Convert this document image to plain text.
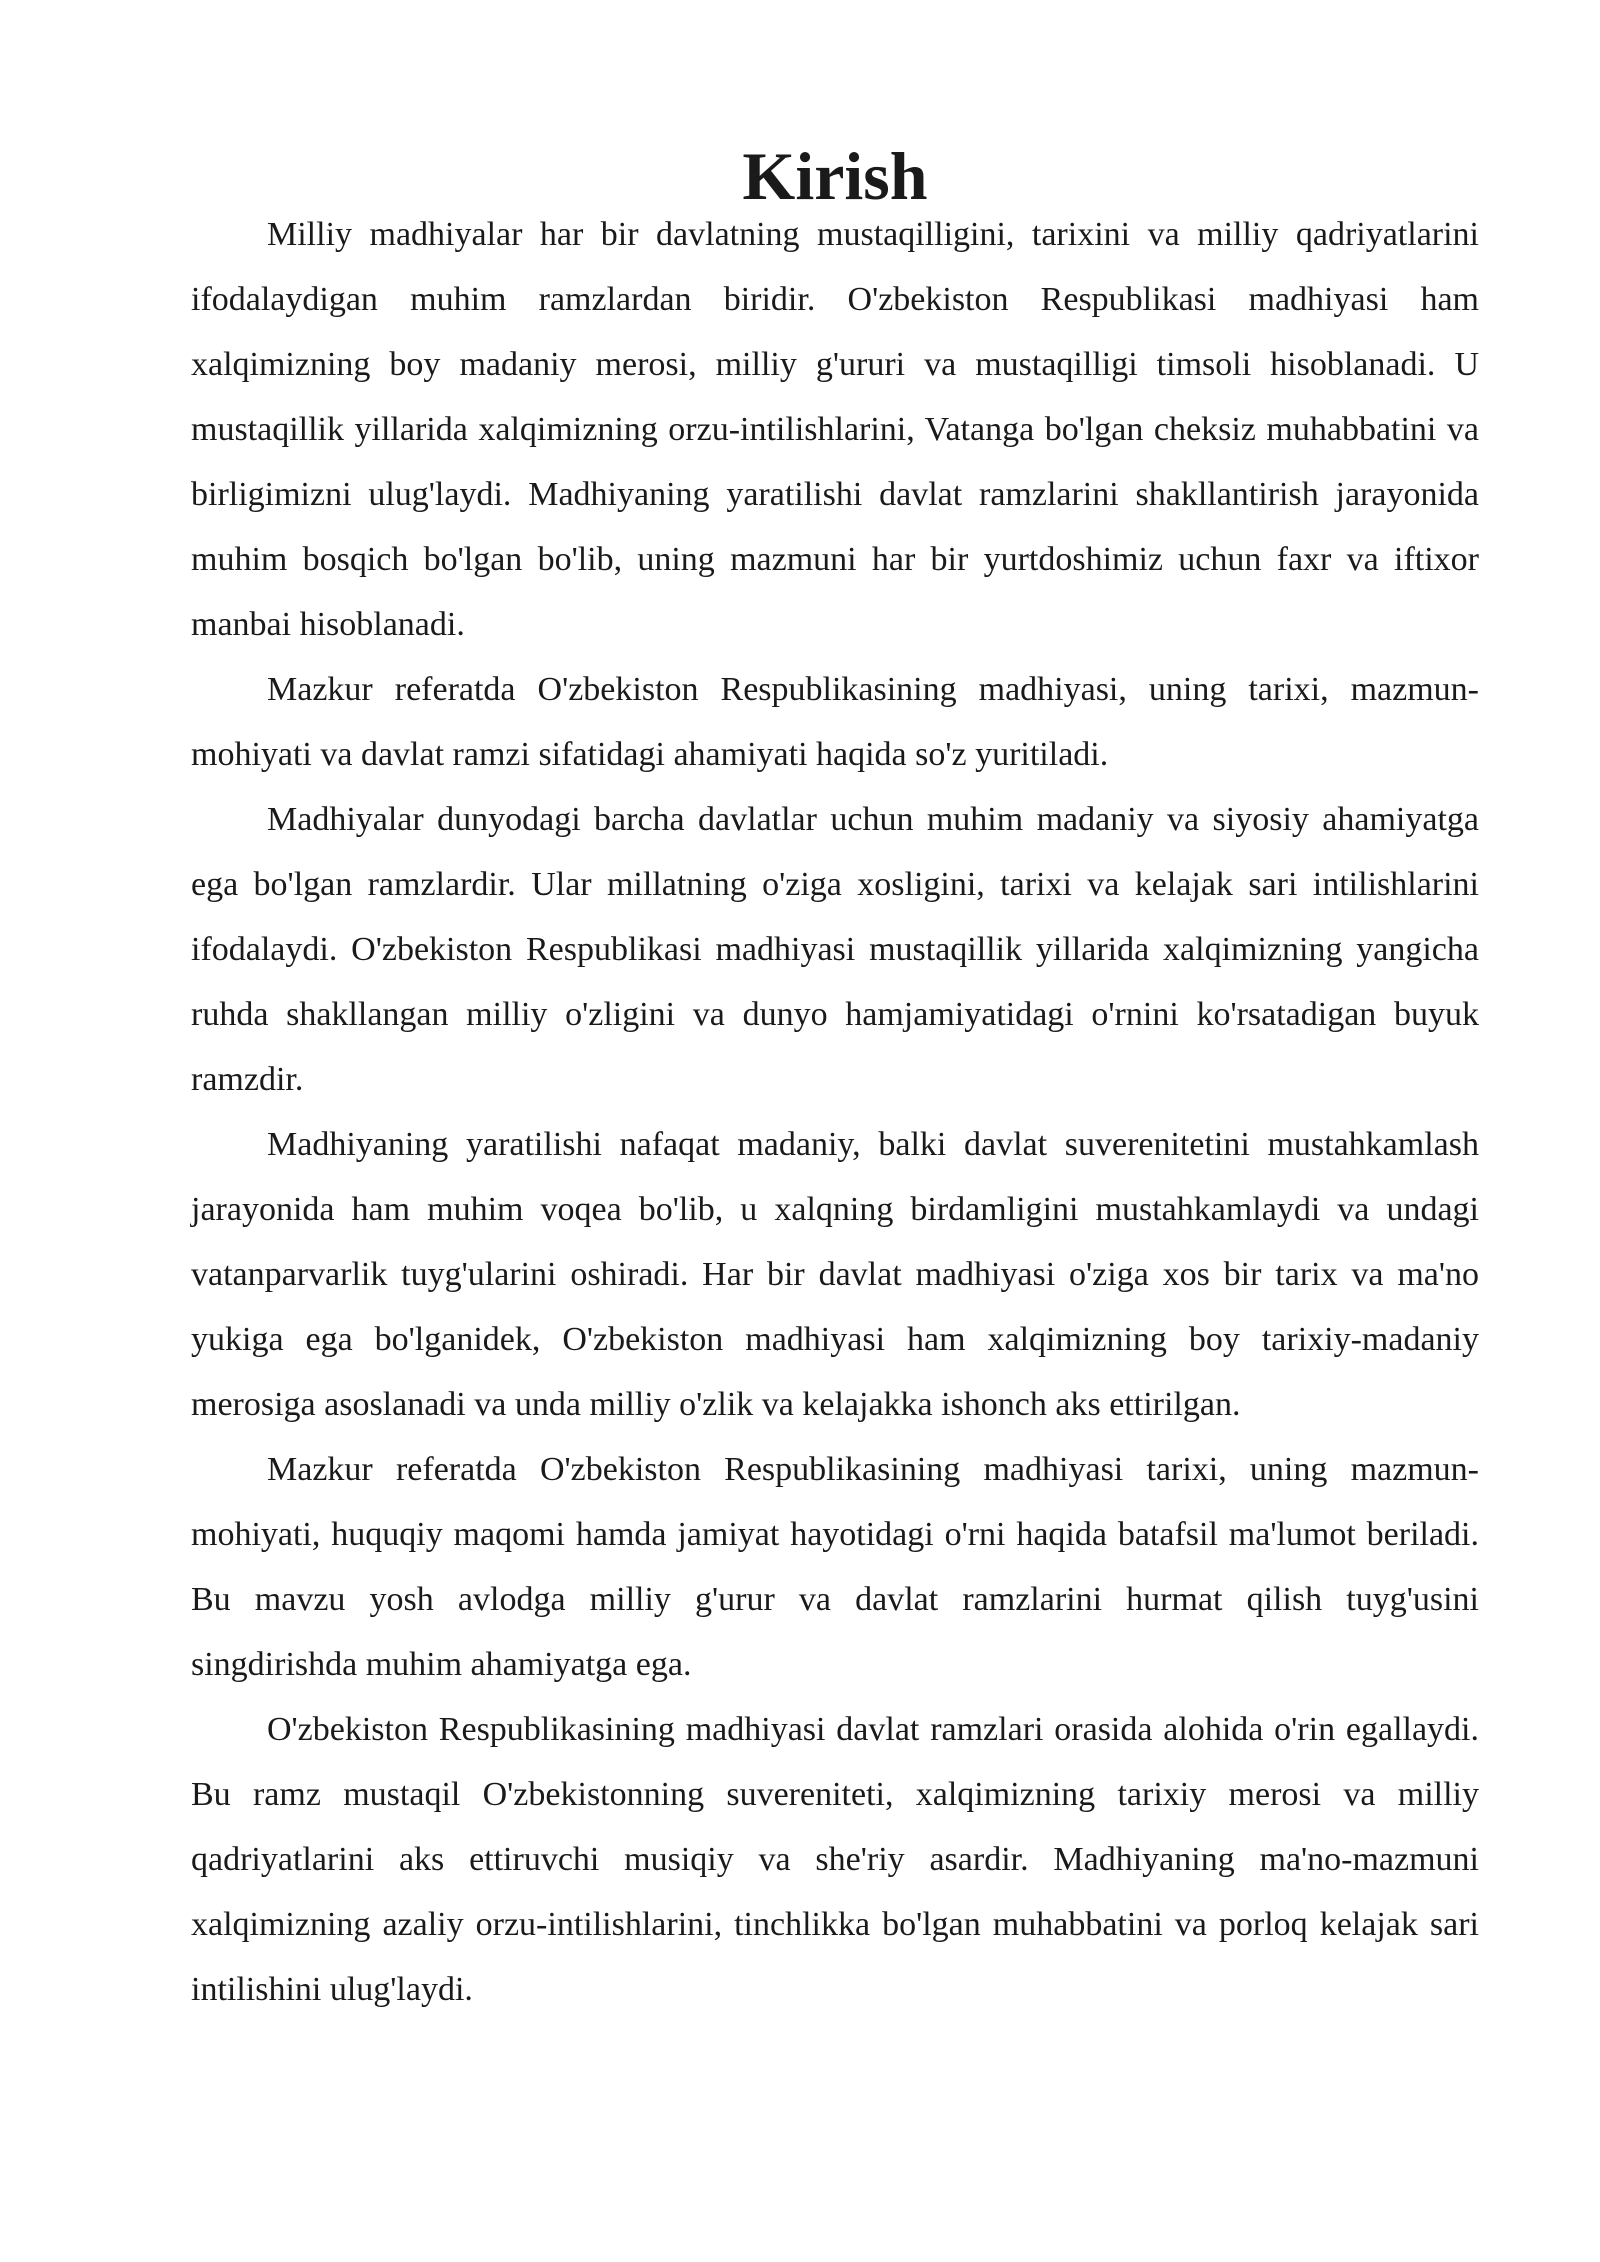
Kirish

Milliy madhiyalar har bir davlatning mustaqilligini, tarixini va milliy qadriyatlarini ifodalaydigan muhim ramzlardan biridir. O'zbekiston Respublikasi madhiyasi ham xalqimizning boy madaniy merosi, milliy g'ururi va mustaqilligi timsoli hisoblanadi. U mustaqillik yillarida xalqimizning orzu-intilishlarini, Vatanga bo'lgan cheksiz muhabbatini va birligimizni ulug'laydi. Madhiyaning yaratilishi davlat ramzlarini shakllantirish jarayonida muhim bosqich bo'lgan bo'lib, uning mazmuni har bir yurtdoshimiz uchun faxr va iftixor manbai hisoblanadi.

Mazkur referatda O'zbekiston Respublikasining madhiyasi, uning tarixi, mazmun-mohiyati va davlat ramzi sifatidagi ahamiyati haqida so'z yuritiladi.

Madhiyalar dunyodagi barcha davlatlar uchun muhim madaniy va siyosiy ahamiyatga ega bo'lgan ramzlardir. Ular millatning o'ziga xosligini, tarixi va kelajak sari intilishlarini ifodalaydi. O'zbekiston Respublikasi madhiyasi mustaqillik yillarida xalqimizning yangicha ruhda shakllangan milliy o'zligini va dunyo hamjamiyatidagi o'rnini ko'rsatadigan buyuk ramzdir.

Madhiyaning yaratilishi nafaqat madaniy, balki davlat suverenitetini mustahkamlash jarayonida ham muhim voqea bo'lib, u xalqning birdamligini mustahkamlaydi va undagi vatanparvarlik tuyg'ularini oshiradi. Har bir davlat madhiyasi o'ziga xos bir tarix va ma'no yukiga ega bo'lganidek, O'zbekiston madhiyasi ham xalqimizning boy tarixiy-madaniy merosiga asoslanadi va unda milliy o'zlik va kelajakka ishonch aks ettirilgan.

Mazkur referatda O'zbekiston Respublikasining madhiyasi tarixi, uning mazmun-mohiyati, huquqiy maqomi hamda jamiyat hayotidagi o'rni haqida batafsil ma'lumot beriladi. Bu mavzu yosh avlodga milliy g'urur va davlat ramzlarini hurmat qilish tuyg'usini singdirishda muhim ahamiyatga ega.

O'zbekiston Respublikasining madhiyasi davlat ramzlari orasida alohida o'rin egallaydi. Bu ramz mustaqil O'zbekistonning suvereniteti, xalqimizning tarixiy merosi va milliy qadriyatlarini aks ettiruvchi musiqiy va she'riy asardir. Madhiyaning ma'no-mazmuni xalqimizning azaliy orzu-intilishlarini, tinchlikka bo'lgan muhabbatini va porloq kelajak sari intilishini ulug'laydi.
